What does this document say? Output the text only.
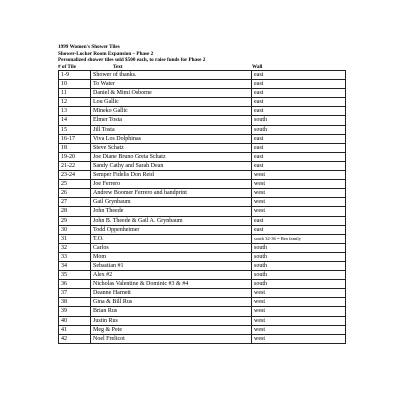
1999 Women's Shower Tiles
Shower-Locker Room Expansion – Phase 2
Personalized shower tiles sold $500 each, to raise funds for Phase 2
# of Tile	Text	Wall
1-9	Shower of thanks.	east
10	To Water	east
11	Daniel & Mimi Osborne	east
12	Lou Gallic	east
13	Mineko Gallic	east
14	Elmer Tosta	south
15	Jill Tosta	south
16-17	Viva Los Dolphinas	east
18	Steve Schatz	east
19-20	Joe Diane Bruno Greta Schatz	east
21-22	Sandy Cathy and Sarah Dean	east
23-24	Semper Fidelis Don Reid	west
25	Joe Ferrero	west
26	Andrew Boomer Ferrero and handprint	west
27	Gail Grynbaum	west
28	John Theede	west
29	John B. Theede & Gail A. Grynbaum	east
30	Todd Oppenheimer	east
31	T.O.	south 32-36 = Bea family
32	Carlos	south
33	Mom	south
34	Sebastian #1	south
35	Alex #2	south
36	Nicholas Valentine & Dominic #3 & #4	south
37	Deanne Harnett	west
38	Gina & Bill Rus	west
39	Brian Rus	west
40	Justin Rus	west
41	Meg & Pete	west
42	Noel Frelicot	west
